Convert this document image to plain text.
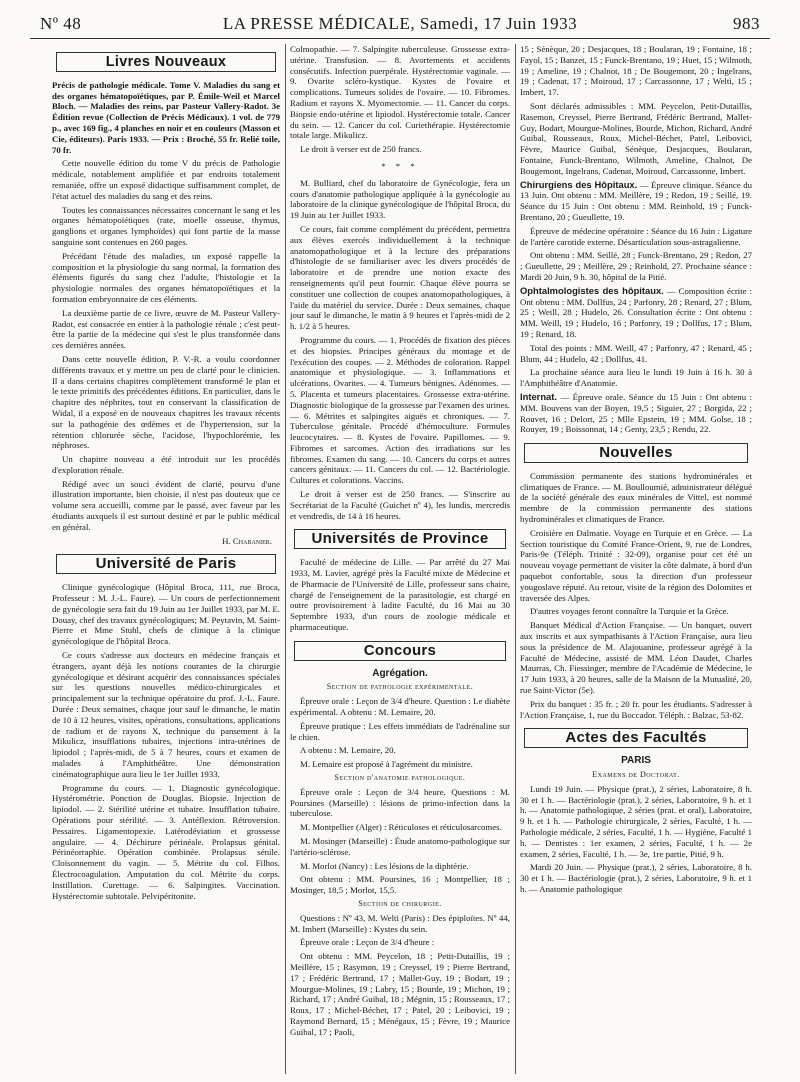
Nº 48	LA PRESSE MÉDICALE, Samedi, 17 Juin 1933	983
Livres Nouveaux

Précis de pathologie médicale. Tome V. Maladies du sang et des organes hématopoïétiques, par P. Émile-Weil et Marcel Bloch. — Maladies des reins, par Pasteur Vallery-Radot. 3e Édition revue (Collection de Précis Médicaux). 1 vol. de 779 p., avec 169 fig., 4 planches en noir et en couleurs (Masson et Cie, éditeurs). Paris 1933. — Prix : Broché, 55 fr. Relié toile, 70 fr.

Cette nouvelle édition du tome V du précis de Pathologie médicale, notablement amplifiée et par endroits totalement remaniée, offre un exposé didactique suffisamment complet, de l'état actuel des maladies du sang et des reins.

Toutes les connaissances nécessaires concernant le sang et les organes hématopoïétiques (rate, moelle osseuse, thymus, ganglions et organes lymphoïdes) qui font partie de la masse sanguine sont contenues en 260 pages.

Précédant l'étude des maladies, un exposé rappelle la composition et la physiologie du sang normal, la formation des éléments figurés du sang chez l'adulte, l'histologie et la physiologie normales des organes hématopoïétiques et la formation embryonnaire de ces éléments.

La deuxième partie de ce livre, œuvre de M. Pasteur Vallery-Radot, est consacrée en entier à la pathologie rénale ; c'est peut-être la partie de la médecine qui s'est le plus transformée dans ces dernières années.

Dans cette nouvelle édition, P. V.-R. a voulu coordonner différents travaux et y mettre un peu de clarté pour le clinicien. Il a dans certains chapitres complètement transformé le plan et le texte primitifs des précédentes éditions. En particulier, dans le chapitre des néphrites, tout en conservant la classification de Widal, il a exposé en de nouveaux chapitres les travaux récents sur la pathogénie des œdèmes et de l'hypertension, sur la rétention chlorurée sèche, l'acidose, l'hypochlorémie, les néphroses.

Un chapitre nouveau a été introduit sur les procédés d'exploration rénale.

Rédigé avec un souci évident de clarté, pourvu d'une illustration importante, bien choisie, il n'est pas douteux que ce volume sera accueilli, comme par le passé, avec faveur par les étudiants auxquels il est surtout destiné et par le public médical en général.

H. Chabanier.
Université de Paris

Clinique gynécologique (Hôpital Broca, 111, rue Broca, Professeur : M. J.-L. Faure). — Un cours de perfectionnement de gynécologie sera fait du 19 Juin au 1er Juillet 1933, par M. E. Douay, chef des travaux gynécologiques; M. Peytavin, M. Saint-Pierre et Mme Stuhl, chefs de clinique à la clinique gynécologique de l'hôpital Broca.

Ce cours s'adresse aux docteurs en médecine français et étrangers, ayant déjà les notions courantes de la chirurgie gynécologique et désirant acquérir des connaissances spéciales sur les questions nouvelles médico-chirurgicales et principalement sur la technique opératoire du prof. J.-L. Faure. Durée : Deux semaines, chaque jour sauf le dimanche, le matin de 10 à 12 heures, visites, opérations, consultations, applications de radium et de rayons X, technique du pansement à la Mikulicz, insufflations tubaires, injections intra-utérines de lipiodol ; l'après-midi, de 5 à 7 heures, cours et examen de malades à l'Amphithéâtre. Une démonstration cinématographique aura lieu le 1er Juillet 1933.

Programme du cours. — 1. Diagnostic gynécologique. Hystérométrie. Ponction de Douglas. Biopsie. Injection de lipiodol. — 2. Stérilité utérine et tubaire. Insufflation tubaire. Opérations pour stérilité. — 3. Antéflexion. Rétroversion. Pessaires. Ligamentopexie. Latérodéviation et grossesse angulaire. — 4. Déchirure périnéale. Prolapsus génital. Périnéorraphie. Opération combinée. Prolapsus sénile. Cloisonnement du vagin. — 5. Métrite du col. Filhos. Électrocoagulation. Amputation du col. Métrite du corps. Instillation. Curettage. — 6. Salpingites. Vaccination. Hystérectomie subtotale. Pelvipéritonite.

Colmopathie. — 7. Salpingite tuberculeuse. Grossesse extra-utérine. Transfusion. — 8. Avortements et accidents consécutifs. Infection puerpérale. Hystérectomie vaginale. — 9. Ovarite scléro-kystique. Kystes de l'ovaire et complications. Tumeurs solides de l'ovaire. — 10. Fibromes. Radium et rayons X. Myomectomie. — 11. Cancer du corps. Biopsie endo-utérine et lipiodol. Hystérectomie totale. Cancer du sein. — 12. Cancer du col. Curiethérapie. Hystérectomie totale large. Mikulicz.

Le droit à verser est de 250 francs.

* * *

M. Bulliard, chef du laboratoire de Gynécologie, fera un cours d'anatomie pathologique appliquée à la gynécologie au laboratoire de la clinique gynécologique de l'hôpital Broca, du 19 Juin au 1er Juillet 1933.

Ce cours, fait comme complément du précédent, permettra aux élèves exercés individuellement à la technique anatomopathologique et à la lecture des préparations d'histologie de se familiariser avec les divers procédés de laboratoire et de prendre une notion exacte des renseignements qu'il peut fournir. Chaque élève pourra se constituer une collection de coupes anatomopathologiques, à l'aide du matériel du service. Durée : Deux semaines, chaque jour sauf le dimanche, le matin à 9 heures et l'après-midi de 2 h. 1/2 à 5 heures.

Programme du cours. — 1. Procédés de fixation des pièces et des biopsies. Principes généraux du montage et de l'exécution des coupes. — 2. Méthodes de coloration. Rappel anatomique et physiologique. — 3. Inflammations et ulcérations. Ovarites. — 4. Tumeurs bénignes. Adénomes. — 5. Placenta et tumeurs placentaires. Grossesse extra-utérine. Diagnostic biologique de la grossesse par l'examen des urines. — 6. Métrites et salpingites aiguës et chroniques. — 7. Tuberculose génitale. Procédé d'hémoculture. Formules leucocytaires. — 8. Kystes de l'ovaire. Papillomes. — 9. Fibromes et sarcomes. Action des irradiations sur les fibromes. Examen du sang. — 10. Cancers du corps et autres cancers génitaux. — 11. Cancers du col. — 12. Bactériologie. Cultures et colorations. Vaccins.

Le droit à verser est de 250 francs. — S'inscrire au Secrétariat de la Faculté (Guichet nº 4), les lundis, mercredis et vendredis, de 14 à 16 heures.

Universités de Province

Faculté de médecine de Lille. — Par arrêté du 27 Mai 1933, M. Lavier, agrégé près la Faculté mixte de Médecine et de Pharmacie de l'Université de Lille, professeur sans chaire, chargé de l'enseignement de la parasitologie, est chargé en outre provisoirement à ladite Faculté, du 16 Mai au 30 Septembre 1933, d'un cours de zoologie médicale et pharmaceutique.

Concours
Agrégation.
Section de pathologie expérimentale.

Épreuve orale : Leçon de 3/4 d'heure. Question : Le diabète expérimental. A obtenu : M. Lemaire, 20.

Épreuve pratique : Les effets immédiats de l'adrénaline sur le chien.

A obtenu : M. Lemaire, 20.

M. Lemaire est proposé à l'agrément du ministre.

Section d'anatomie pathologique.

Épreuve orale : Leçon de 3/4 heure. Questions : M. Poursines (Marseille) : lésions de primo-infection dans la tuberculose.

M. Montpellier (Alger) : Réticuloses et réticulosarcomes.

M. Mosinger (Marseille) : Étude anatomo-pathologique sur l'artério-sclérose.

M. Morlot (Nancy) : Les lésions de la diphtérie.

Ont obtenu : MM. Poursines, 16 ; Montpellier, 18 ; Mosinger, 18,5 ; Morlot, 15,5.

Section de chirurgie.

Questions : Nº 43, M. Welti (Paris) : Des épiploïtes. Nº 44, M. Imbert (Marseille) : Kystes du sein.

Épreuve orale : Leçon de 3/4 d'heure :

Ont obtenu : MM. Peycelon, 18 ; Petit-Dutaillis, 19 ; Meillère, 15 ; Rasymon, 19 ; Creyssel, 19 ; Pierre Bertrand, 17 ; Frédéric Bertrand, 17 ; Mallet-Guy, 19 ; Bodart, 19 ; Mourgue-Molines, 19 ; Labry, 15 ; Bourde, 19 ; Michon, 19 ; Richard, 17 ; André Guibal, 18 ; Mégnin, 15 ; Rousseaux, 17 ; Roux, 17 ; Michel-Béchet, 17 ; Patel, 20 ; Leibovici, 19 ; Raymond Bernard, 15 ; Ménégaux, 15 ; Fèvre, 19 ; Maurice Guibal, 17 ; Paoli,

15 ; Sénèque, 20 ; Desjacques, 18 ; Boularan, 19 ; Fontaine, 18 ; Fayol, 15 ; Banzet, 15 ; Funck-Brentano, 19 ; Huet, 15 ; Wilmoth, 19 ; Ameline, 19 ; Chalnot, 18 ; De Bougemont, 20 ; Ingelrans, 19 ; Cadenat, 17 ; Moiroud, 17 ; Carcassonne, 17 ; Welti, 15 ; Imbert, 17.

Sont déclarés admissibles : MM. Peycelon, Petit-Dutaillis, Rasemon, Creyssel, Pierre Bertrand, Frédéric Bertrand, Mallet-Guy, Bodart, Mourgue-Molines, Bourde, Michon, Richard, André Guibal, Rousseaux, Roux, Michel-Béchet, Patel, Leibovici, Fèvre, Maurice Guibal, Sénèque, Desjacques, Boularan, Fontaine, Funck-Brentano, Wilmoth, Ameline, Chalnot, De Bougemont, Ingelrans, Cadenat, Moiroud, Carcassonne, Imbert.

Chirurgiens des Hôpitaux. — Épreuve clinique. Séance du 13 Juin. Ont obtenu : MM. Meillère, 19 ; Redon, 19 ; Seillé, 19. Séance du 15 Juin : Ont obtenu : MM. Reinhold, 19 ; Funck-Brentano, 20 ; Gueullette, 19.

Épreuve de médecine opératoire : Séance du 16 Juin : Ligature de l'artère carotide externe. Désarticulation sous-astragalienne.

Ont obtenu : MM. Seillé, 28 ; Funck-Brentano, 29 ; Redon, 27 ; Gueullette, 29 ; Meillère, 29 ; Reinhold, 27. Prochaine séance : Mardi 20 Juin, 9 h. 30, hôpital de la Pitié.

Ophtalmologistes des hôpitaux. — Composition écrite : Ont obtenu : MM. Dollfus, 24 ; Parfonry, 28 ; Renard, 27 ; Blum, 25 ; Weill, 28 ; Hudelo, 26. Consultation écrite : Ont obtenu : MM. Weill, 19 ; Hudelo, 16 ; Parfonry, 19 ; Dollfus, 17 ; Blum, 19 ; Renard, 18.

Total des points : MM. Weill, 47 ; Parfonry, 47 ; Renard, 45 ; Blum, 44 ; Hudelo, 42 ; Dollfus, 41.

La prochaine séance aura lieu le lundi 19 Juin à 16 h. 30 à l'Amphithéâtre d'Anatomie.

Internat. — Épreuve orale. Séance du 15 Juin : Ont obtenu : MM. Bouvens van der Boyen, 19,5 ; Siguier, 27 ; Borgida, 22 ; Rouvet, 16 ; Delort, 25 ; Mlle Epstein, 19 ; MM. Golse, 18 ; Rouyer, 19 ; Boissonnat, 14 ; Genty, 23,5 ; Rendu, 22.

Nouvelles

Commission permanente des stations hydrominérales et climatiques de France. — M. Boulloumié, administrateur délégué de la société générale des eaux minérales de Vittel, est nommé membre de la commission permanente des stations hydrominérales et climatiques de France.

Croisière en Dalmatie. Voyage en Turquie et en Grèce. — La Section touristique du Comité France-Orient, 9, rue de Londres, Paris-9e (Téléph. Trinité : 32-09), organise pour cet été un nouveau voyage permettant de visiter la côte dalmate, à bord d'un paquebot confortable, sous la direction d'un professeur yougoslave réputé. Au retour, visite de la région des Dolomites et traversée des Alpes.

D'autres voyages feront connaître la Turquie et la Grèce.

Banquet Médical d'Action Française. — Un banquet, ouvert aux inscrits et aux sympathisants à l'Action Française, aura lieu sous la présidence de M. Alajouanine, professeur agrégé à la Faculté de Médecine, assisté de MM. Léon Daudet, Charles Maurras, Ch. Fiessinger, membre de l'Académie de Médecine, le 17 Juin 1933, à 20 heures, salle de la Maison de la Mutualité, 20, rue Saint-Victor (5e).

Prix du banquet : 35 fr. ; 20 fr. pour les étudiants. S'adresser à l'Action Française, 1, rue du Boccador. Téléph. : Balzac, 53-82.

Actes des Facultés
PARIS
Examens de Doctorat.

Lundi 19 Juin. — Physique (prat.), 2 séries, Laboratoire, 8 h. 30 et 1 h. — Bactériologie (prat.), 2 séries, Laboratoire, 9 h. et 1 h. — Anatomie pathologique, 2 séries (prat. et oral), Laboratoire, 9 h. et 1 h. — Pathologie chirurgicale, 2 séries, Faculté, 1 h. — Pathologie médicale, 2 séries, Faculté, 1 h. — Hygiène, Faculté 1 h. — Dentistes : 1er examen, 2 séries, Faculté, 1 h. — 2e examen, 2 séries, Faculté, 1 h. — 3e, 1re partie, Pitié, 9 h.

Mardi 20 Juin. — Physique (prat.), 2 séries, Laboratoire, 8 h. 30 et 1 h. — Bactériologie (prat.), 2 séries, Laboratoire, 9 h. et 1 h. — Anatomie pathologique
